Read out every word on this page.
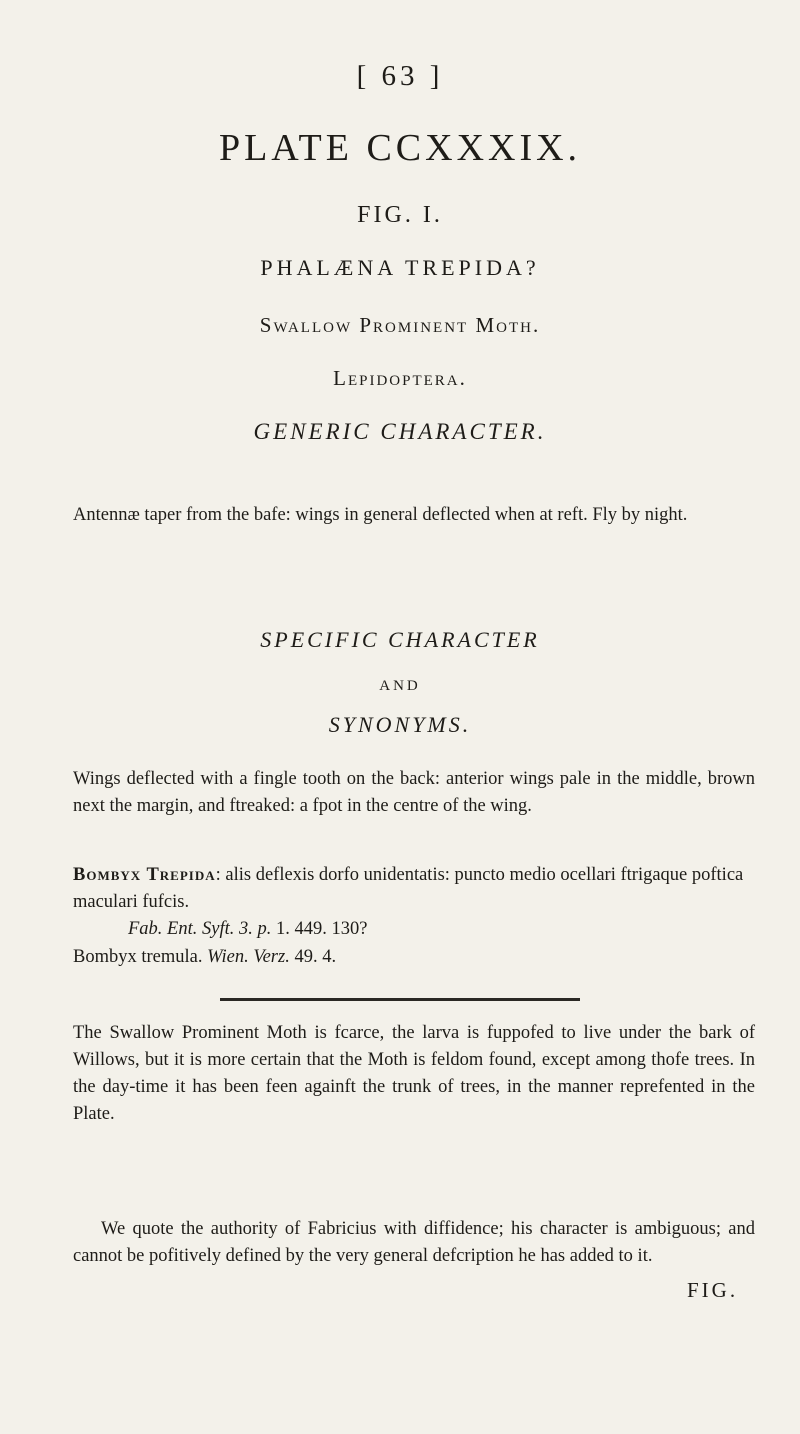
[ 63 ]
PLATE CCXXXIX.
FIG. I.
PHALÆNA TREPIDA?
Swallow Prominent Moth.
Lepidoptera.
GENERIC CHARACTER.
Antennæ taper from the bafe: wings in general deflected when at reft. Fly by night.
SPECIFIC CHARACTER
AND
SYNONYMS.
Wings deflected with a fingle tooth on the back: anterior wings pale in the middle, brown next the margin, and ftreaked: a fpot in the centre of the wing.
Bombyx Trepida: alis deflexis dorfo unidentatis: puncto medio ocellari ftrigaque poftica maculari fufcis.
Fab. Ent. Syft. 3. p. 1. 449. 130?
Bombyx tremula. Wien. Verz. 49. 4.
The Swallow Prominent Moth is fcarce, the larva is fuppofed to live under the bark of Willows, but it is more certain that the Moth is feldom found, except among thofe trees. In the day-time it has been feen againft the trunk of trees, in the manner reprefented in the Plate.
We quote the authority of Fabricius with diffidence; his character is ambiguous; and cannot be pofitively defined by the very general defcription he has added to it.
FIG.
